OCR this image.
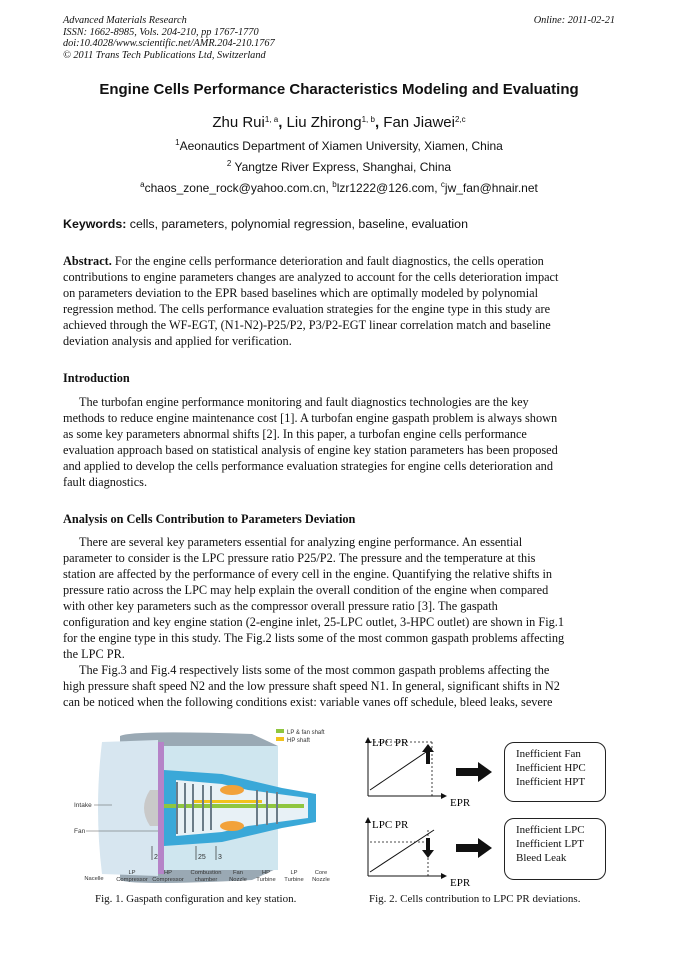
Advanced Materials Research
ISSN: 1662-8985, Vols. 204-210, pp 1767-1770
doi:10.4028/www.scientific.net/AMR.204-210.1767
© 2011 Trans Tech Publications Ltd, Switzerland
Online: 2011-02-21
Engine Cells Performance Characteristics Modeling and Evaluating
Zhu Rui$^{1, a}$, Liu Zhirong$^{1, b}$, Fan Jiawei$^{2,c}$
$^1$Aeonautics Department of Xiamen University, Xiamen, China
$^2$ Yangtze River Express, Shanghai, China
$^a$chaos_zone_rock@yahoo.com.cn, $^b$lzr1222@126.com, $^c$jw_fan@hnair.net
Keywords: cells, parameters, polynomial regression, baseline, evaluation
Abstract. For the engine cells performance deterioration and fault diagnostics, the cells operation
contributions to engine parameters changes are analyzed to account for the cells deterioration impact
on parameters deviation to the EPR based baselines which are optimally modeled by polynomial
regression method. The cells performance evaluation strategies for the engine type in this study are
achieved through the WF-EGT, (N1-N2)-P25/P2, P3/P2-EGT linear correlation match and baseline
deviation analysis and applied for verification.
Introduction
The turbofan engine performance monitoring and fault diagnostics technologies are the key
methods to reduce engine maintenance cost [1]. A turbofan engine gaspath problem is always shown
as some key parameters abnormal shifts [2]. In this paper, a turbofan engine cells performance
evaluation approach based on statistical analysis of engine key station parameters has been proposed
and applied to develop the cells performance evaluation strategies for engine cells deterioration and
fault diagnostics.
Analysis on Cells Contribution to Parameters Deviation
There are several key parameters essential for analyzing engine performance. An essential
parameter to consider is the LPC pressure ratio P25/P2. The pressure and the temperature at this
station are affected by the performance of every cell in the engine. Quantifying the relative shifts in
pressure ratio across the LPC may help explain the overall condition of the engine when compared
with other key parameters such as the compressor overall pressure ratio [3]. The gaspath
configuration and key engine station (2-engine inlet, 25-LPC outlet, 3-HPC outlet) are shown in Fig.1
for the engine type in this study. The Fig.2 lists some of the most common gaspath problems affecting
the LPC PR.
The Fig.3 and Fig.4 respectively lists some of the most common gaspath problems affecting the
high pressure shaft speed N2 and the low pressure shaft speed N1. In general, significant shifts in N2
can be noticed when the following conditions exist: variable vanes off schedule, bleed leaks, severe
2	25 3
LP & fan shaft
HP shaft
Intake
Fan
Nacelle
LP Compressor
HP Compressor
Combustion chamber
Fan Nozzle
HP Turbine
LP Turbine
Core Nozzle
Fig. 1. Gaspath configuration and key station.
LPC PR
EPR
LPC PR
EPR
Inefficient Fan
Inefficient HPC
Inefficient HPT
Inefficient LPC
Inefficient LPT
Bleed Leak
Fig. 2. Cells contribution to LPC PR deviations.
